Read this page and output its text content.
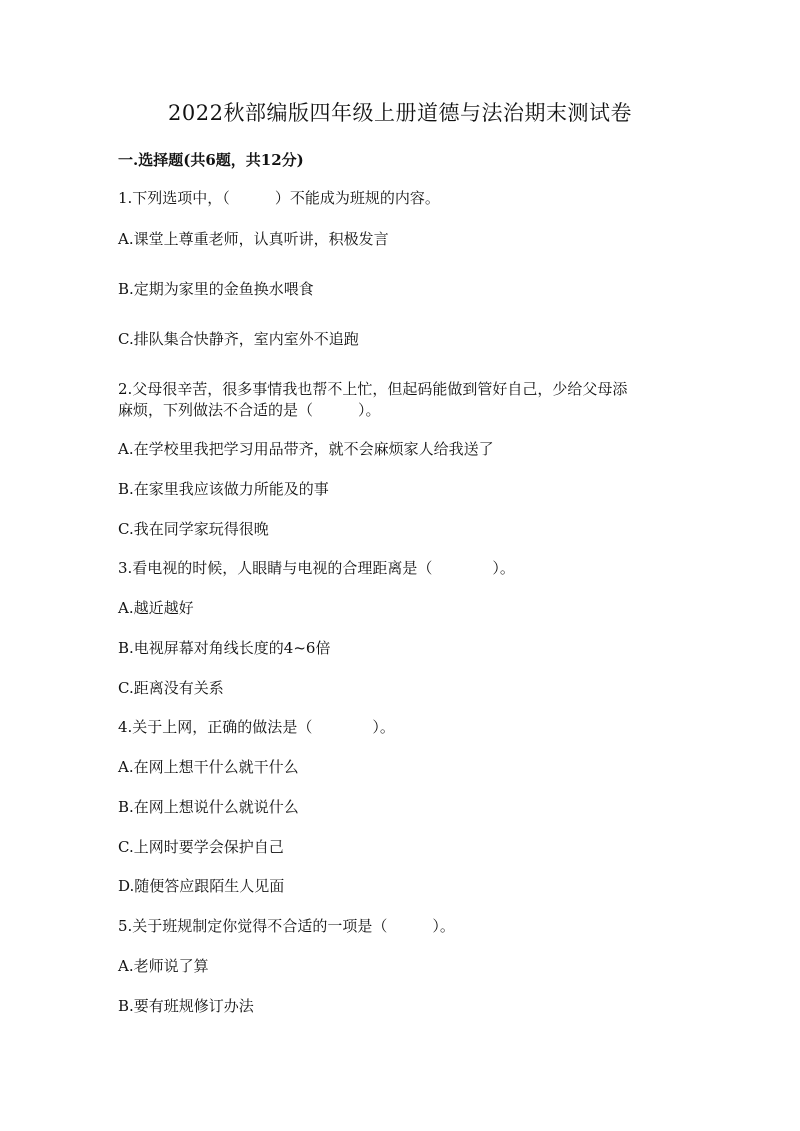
2022秋部编版四年级上册道德与法治期末测试卷
一.选择题(共6题，共12分)
1.下列选项中，（　　　）不能成为班规的内容。
A.课堂上尊重老师，认真听讲，积极发言
B.定期为家里的金鱼换水喂食
C.排队集合快静齐，室内室外不追跑
2.父母很辛苦，很多事情我也帮不上忙，但起码能做到管好自己，少给父母添
麻烦，下列做法不合适的是（　　　）。
A.在学校里我把学习用品带齐，就不会麻烦家人给我送了
B.在家里我应该做力所能及的事
C.我在同学家玩得很晚
3.看电视的时候，人眼睛与电视的合理距离是（　　　　）。
A.越近越好
B.电视屏幕对角线长度的4~6倍
C.距离没有关系
4.关于上网，正确的做法是（　　　　）。
A.在网上想干什么就干什么
B.在网上想说什么就说什么
C.上网时要学会保护自己
D.随便答应跟陌生人见面
5.关于班规制定你觉得不合适的一项是（　　　）。
A.老师说了算
B.要有班规修订办法
